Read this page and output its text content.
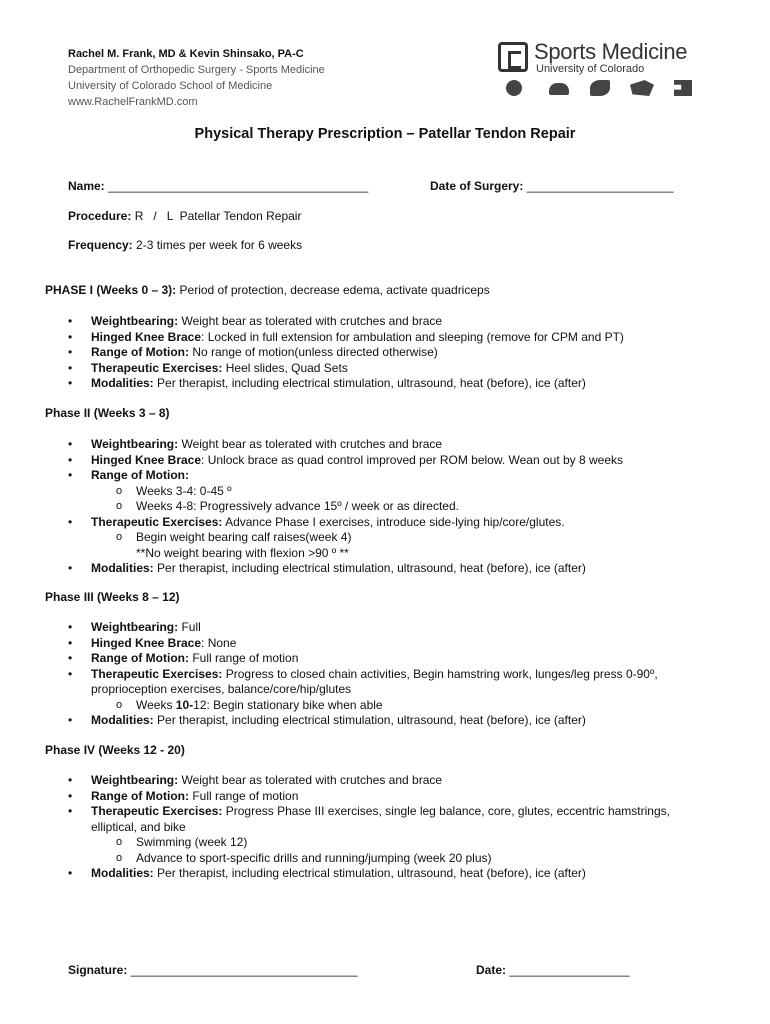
Rachel M. Frank, MD & Kevin Shinsako, PA-C
Department of Orthopedic Surgery - Sports Medicine
University of Colorado School of Medicine
www.RachelFrankMD.com
Sports Medicine
University of Colorado
Physical Therapy Prescription – Patellar Tendon Repair
Name: _______________________________________	Date of Surgery: ______________________
Procedure: R   /   L  Patellar Tendon Repair
Frequency: 2-3 times per week for 6 weeks
PHASE I (Weeks 0 – 3): Period of protection, decrease edema, activate quadriceps
• Weightbearing: Weight bear as tolerated with crutches and brace
• Hinged Knee Brace: Locked in full extension for ambulation and sleeping (remove for CPM and PT)
• Range of Motion: No range of motion(unless directed otherwise)
• Therapeutic Exercises: Heel slides, Quad Sets
• Modalities: Per therapist, including electrical stimulation, ultrasound, heat (before), ice (after)
Phase II (Weeks 3 – 8)
• Weightbearing: Weight bear as tolerated with crutches and brace
• Hinged Knee Brace: Unlock brace as quad control improved per ROM below. Wean out by 8 weeks
• Range of Motion:
o Weeks 3-4: 0-45 º
o Weeks 4-8: Progressively advance 15º / week or as directed.
• Therapeutic Exercises: Advance Phase I exercises, introduce side-lying hip/core/glutes.
o Begin weight bearing calf raises(week 4)
**No weight bearing with flexion >90 º **
• Modalities: Per therapist, including electrical stimulation, ultrasound, heat (before), ice (after)
Phase III (Weeks 8 – 12)
• Weightbearing: Full
• Hinged Knee Brace: None
• Range of Motion: Full range of motion
• Therapeutic Exercises: Progress to closed chain activities, Begin hamstring work, lunges/leg press 0-90º, proprioception exercises, balance/core/hip/glutes
o Weeks 10-12: Begin stationary bike when able
• Modalities: Per therapist, including electrical stimulation, ultrasound, heat (before), ice (after)
Phase IV (Weeks 12 - 20)
• Weightbearing: Weight bear as tolerated with crutches and brace
• Range of Motion: Full range of motion
• Therapeutic Exercises: Progress Phase III exercises, single leg balance, core, glutes, eccentric hamstrings, elliptical, and bike
o Swimming (week 12)
o Advance to sport-specific drills and running/jumping (week 20 plus)
• Modalities: Per therapist, including electrical stimulation, ultrasound, heat (before), ice (after)
Signature: __________________________________	Date: __________________
